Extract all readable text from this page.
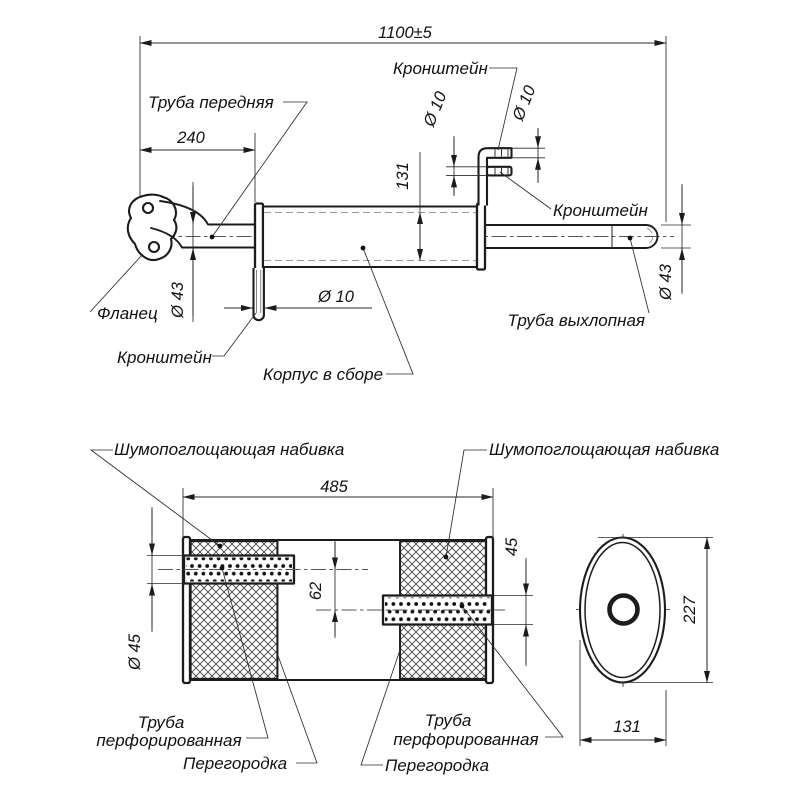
1100±5
240
Ø 43
131
Ø 10	Ø 10
Ø 43
Ø 10
Кронштейн
Труба передняя
Кронштейн
Труба выхлопная
Фланец
Кронштейн
Корпус в сборе
485
Ø 45
62
45
Шумопоглощающая набивка	Шумопоглощающая набивка
Труба
перфорированная
Перегородка
Труба
перфорированная
Перегородка
227
131
